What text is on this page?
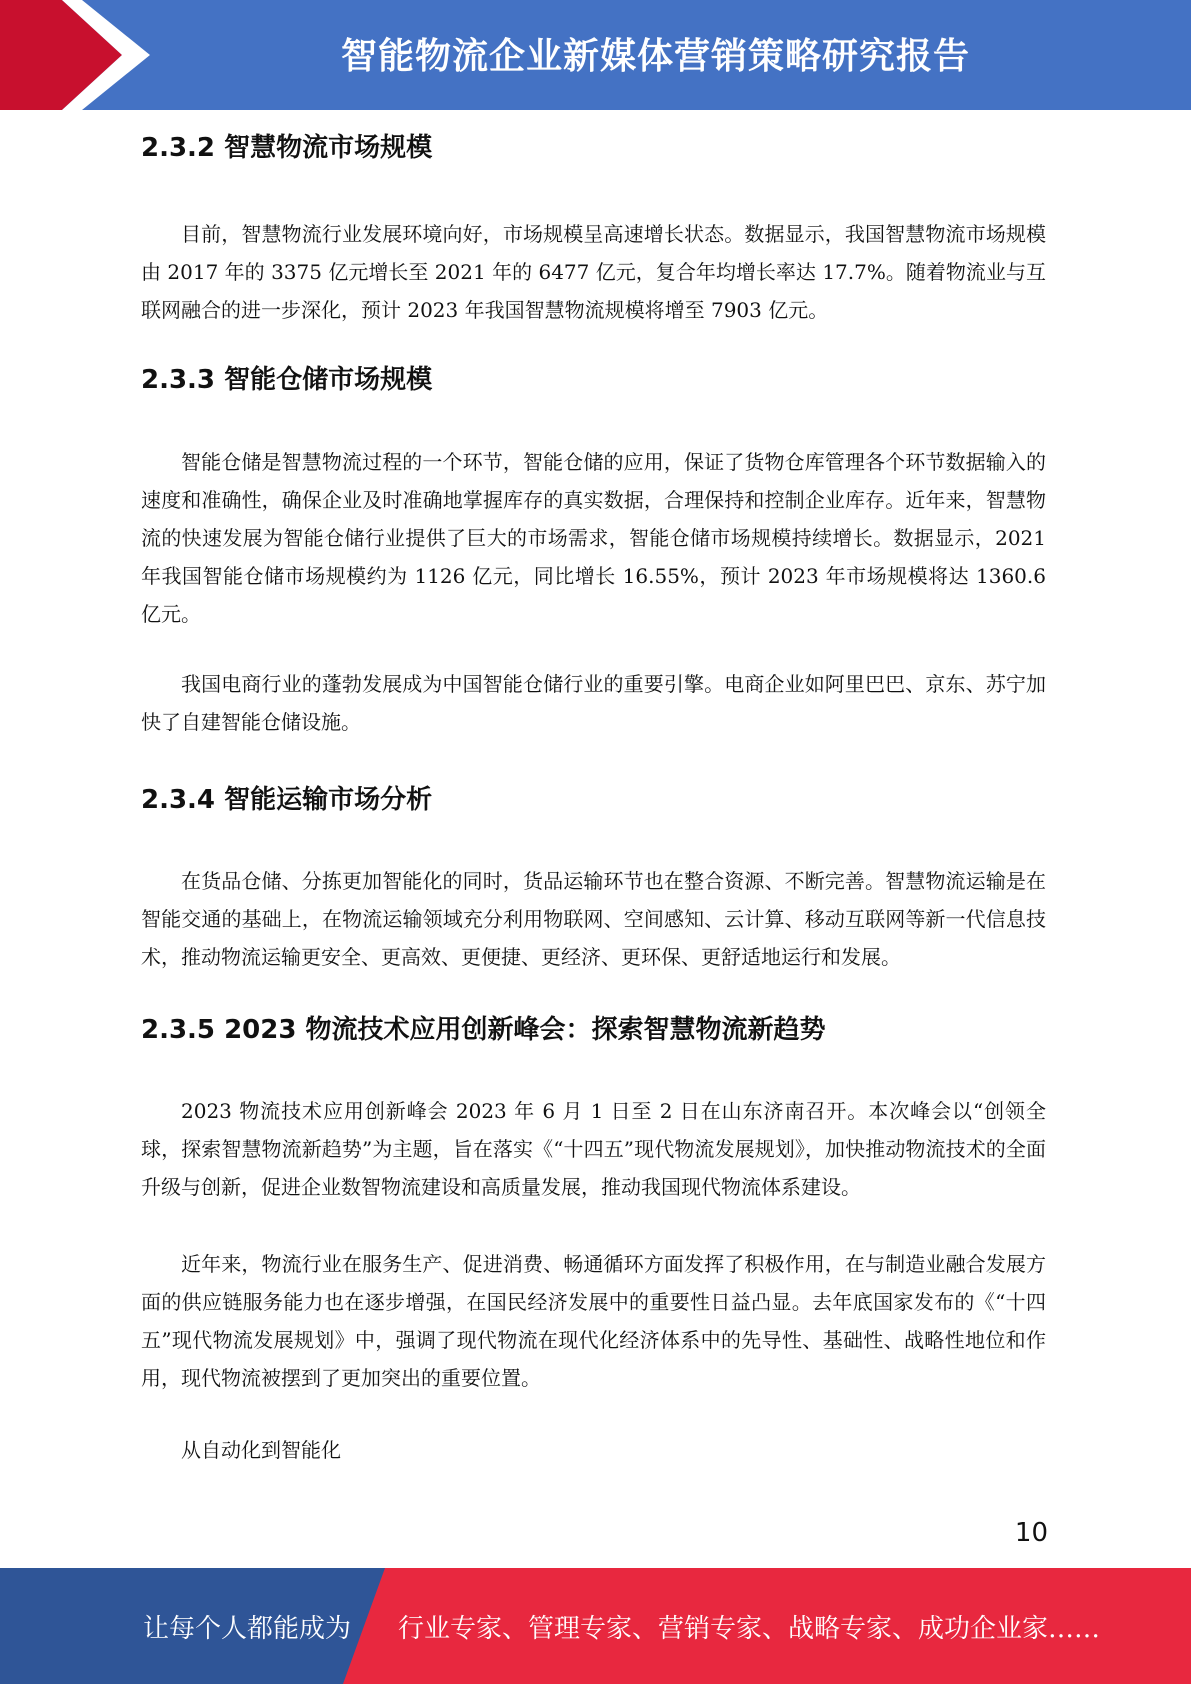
智能物流企业新媒体营销策略研究报告
2.3.2 智慧物流市场规模

目前，智慧物流行业发展环境向好，市场规模呈高速增长状态。数据显示，我国智慧物流市场规模由 2017 年的 3375 亿元增长至 2021 年的 6477 亿元，复合年均增长率达 17.7%。随着物流业与互联网融合的进一步深化，预计 2023 年我国智慧物流规模将增至 7903 亿元。

2.3.3 智能仓储市场规模

智能仓储是智慧物流过程的一个环节，智能仓储的应用，保证了货物仓库管理各个环节数据输入的速度和准确性，确保企业及时准确地掌握库存的真实数据，合理保持和控制企业库存。近年来，智慧物流的快速发展为智能仓储行业提供了巨大的市场需求，智能仓储市场规模持续增长。数据显示，2021 年我国智能仓储市场规模约为 1126 亿元，同比增长 16.55%，预计 2023 年市场规模将达 1360.6 亿元。

我国电商行业的蓬勃发展成为中国智能仓储行业的重要引擎。电商企业如阿里巴巴、京东、苏宁加快了自建智能仓储设施。

2.3.4 智能运输市场分析

在货品仓储、分拣更加智能化的同时，货品运输环节也在整合资源、不断完善。智慧物流运输是在智能交通的基础上，在物流运输领域充分利用物联网、空间感知、云计算、移动互联网等新一代信息技术，推动物流运输更安全、更高效、更便捷、更经济、更环保、更舒适地运行和发展。

2.3.5 2023 物流技术应用创新峰会：探索智慧物流新趋势

2023 物流技术应用创新峰会 2023 年 6 月 1 日至 2 日在山东济南召开。本次峰会以“创领全球，探索智慧物流新趋势”为主题，旨在落实《“十四五”现代物流发展规划》，加快推动物流技术的全面升级与创新，促进企业数智物流建设和高质量发展，推动我国现代物流体系建设。

近年来，物流行业在服务生产、促进消费、畅通循环方面发挥了积极作用，在与制造业融合发展方面的供应链服务能力也在逐步增强，在国民经济发展中的重要性日益凸显。去年底国家发布的《“十四五”现代物流发展规划》中，强调了现代物流在现代化经济体系中的先导性、基础性、战略性地位和作用，现代物流被摆到了更加突出的重要位置。

从自动化到智能化

10
让每个人都能成为 行业专家、管理专家、营销专家、战略专家、成功企业家……
